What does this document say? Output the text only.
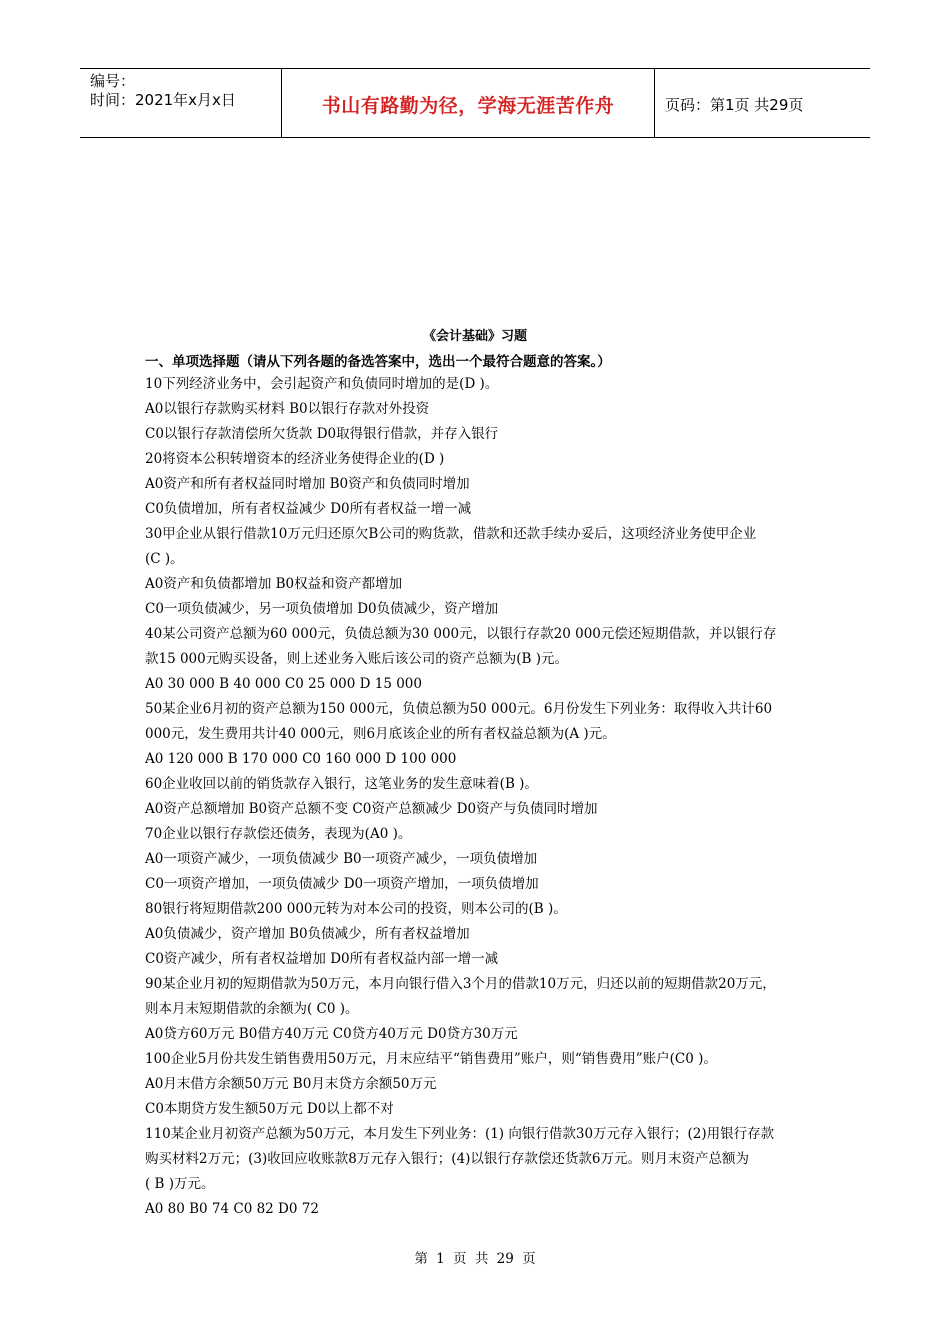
编号：
时间：2021年x月x日	书山有路勤为径，学海无涯苦作舟	页码：第1页 共29页
《会计基础》习题
一、单项选择题（请从下列各题的备选答案中，选出一个最符合题意的答案。）
10下列经济业务中，会引起资产和负债同时增加的是(D )。
A0以银行存款购买材料 B0以银行存款对外投资
C0以银行存款清偿所欠货款 D0取得银行借款，并存入银行
20将资本公积转增资本的经济业务使得企业的(D )
A0资产和所有者权益同时增加 B0资产和负债同时增加
C0负债增加，所有者权益减少 D0所有者权益一增一减
30甲企业从银行借款10万元归还原欠B公司的购货款，借款和还款手续办妥后，这项经济业务使甲企业
(C )。
A0资产和负债都增加 B0权益和资产都增加
C0一项负债减少，另一项负债增加 D0负债减少，资产增加
40某公司资产总额为60 000元，负债总额为30 000元，以银行存款20 000元偿还短期借款，并以银行存
款15 000元购买设备，则上述业务入账后该公司的资产总额为(B )元。
A0 30 000 B 40 000 C0 25 000 D 15 000
50某企业6月初的资产总额为150 000元，负债总额为50 000元。6月份发生下列业务：取得收入共计60
000元，发生费用共计40 000元，则6月底该企业的所有者权益总额为(A )元。
A0 120 000 B 170 000 C0 160 000 D 100 000
60企业收回以前的销货款存入银行，这笔业务的发生意味着(B )。
A0资产总额增加 B0资产总额不变 C0资产总额减少 D0资产与负债同时增加
70企业以银行存款偿还债务，表现为(A0 )。
A0一项资产减少，一项负债减少 B0一项资产减少，一项负债增加
C0一项资产增加，一项负债减少 D0一项资产增加，一项负债增加
80银行将短期借款200 000元转为对本公司的投资，则本公司的(B )。
A0负债减少，资产增加 B0负债减少，所有者权益增加
C0资产减少，所有者权益增加 D0所有者权益内部一增一减
90某企业月初的短期借款为50万元，本月向银行借入3个月的借款10万元，归还以前的短期借款20万元，
则本月末短期借款的余额为( C0 )。
A0贷方60万元 B0借方40万元 C0贷方40万元 D0贷方30万元
100企业5月份共发生销售费用50万元，月末应结平“销售费用”账户，则“销售费用”账户(C0 )。
A0月末借方余额50万元 B0月末贷方余额50万元
C0本期贷方发生额50万元 D0以上都不对
110某企业月初资产总额为50万元，本月发生下列业务：(1) 向银行借款30万元存入银行；(2)用银行存款
购买材料2万元；(3)收回应收账款8万元存入银行；(4)以银行存款偿还货款6万元。则月末资产总额为
( B )万元。
A0 80 B0 74 C0 82 D0 72
第 1 页 共 29 页
